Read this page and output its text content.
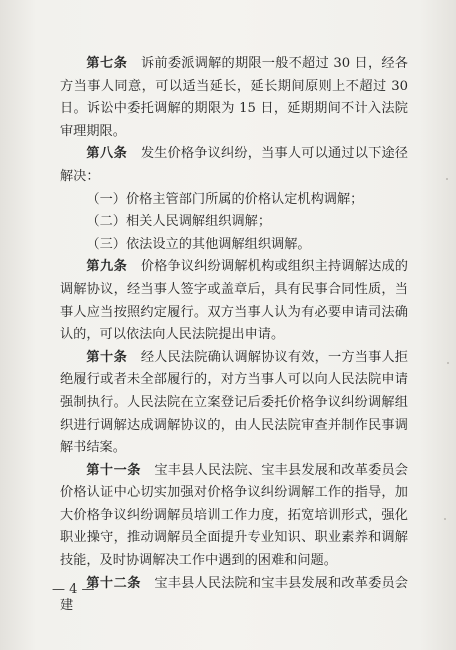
第七条　 诉前委派调解的期限一般不超过 30 日，经各方当事人同意，可以适当延长，延长期间原则上不超过 30 日。诉讼中委托调解的期限为 15 日，延期期间不计入法院审理期限。

第八条　 发生价格争议纠纷，当事人可以通过以下途径解决：

（一）价格主管部门所属的价格认定机构调解；

（二）相关人民调解组织调解；

（三）依法设立的其他调解组织调解。

第九条　 价格争议纠纷调解机构或组织主持调解达成的调解协议，经当事人签字或盖章后，具有民事合同性质，当事人应当按照约定履行。双方当事人认为有必要申请司法确认的，可以依法向人民法院提出申请。

第十条　 经人民法院确认调解协议有效，一方当事人拒绝履行或者未全部履行的，对方当事人可以向人民法院申请强制执行。人民法院在立案登记后委托价格争议纠纷调解组织进行调解达成调解协议的，由人民法院审查并制作民事调解书结案。

第十一条　 宝丰县人民法院、宝丰县发展和改革委员会价格认证中心切实加强对价格争议纠纷调解工作的指导，加大价格争议纠纷调解员培训工作力度，拓宽培训形式，强化职业操守，推动调解员全面提升专业知识、职业素养和调解技能，及时协调解决工作中遇到的困难和问题。

第十二条　 宝丰县人民法院和宝丰县发展和改革委员会建

— 4 —
